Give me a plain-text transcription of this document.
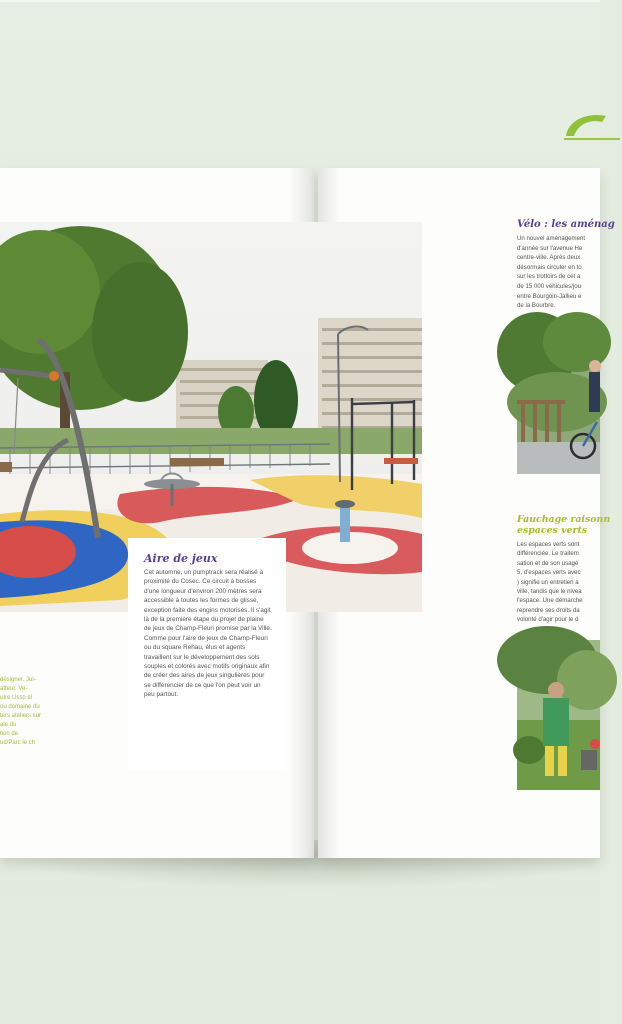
désigner, Jul-
atteur, Ve-
utre Usso el
ou domaine du
ters ateliers sur
ale du
tion de
ud/Parc le ch
Aire de jeux
Cet automne, un pumptrack sera réalisé à proximité du Cosec. Ce circuit à bosses d'une longueur d'environ 200 mètres sera accessible à toutes les formes de glisse, exception faite des engins motorisés. Il s'agit là de la première étape du projet de plaine de jeux de Champ-Fleuri promise par la Ville. Comme pour l'aire de jeux de Champ-Fleuri ou du square Rehau, élus et agents travaillent sur le développement des sols souples et colorés avec motifs originaux afin de créer des aires de jeux singulières pour se différencier de ce que l'on peut voir un peu partout.
Vélo : les aménag
Un nouvel aménagement
d'année sur l'avenue He
centre-ville. Après deux
désormais circuler en to
sur les trottoirs de cet a
de 15 000 véhicules/jou
entre Bourgoin-Jallieu e
de la Bourbre.
Fauchage raisonn
espaces verts
Les espaces verts sont
différenciée. Le traitem
sation et de son usage
5, d'espaces verts avec
) signifie un entretien a
ville, tandis que le nivea
l'espace. Une démarche
reprendre ses droits da
volonté d'agir pour le d
